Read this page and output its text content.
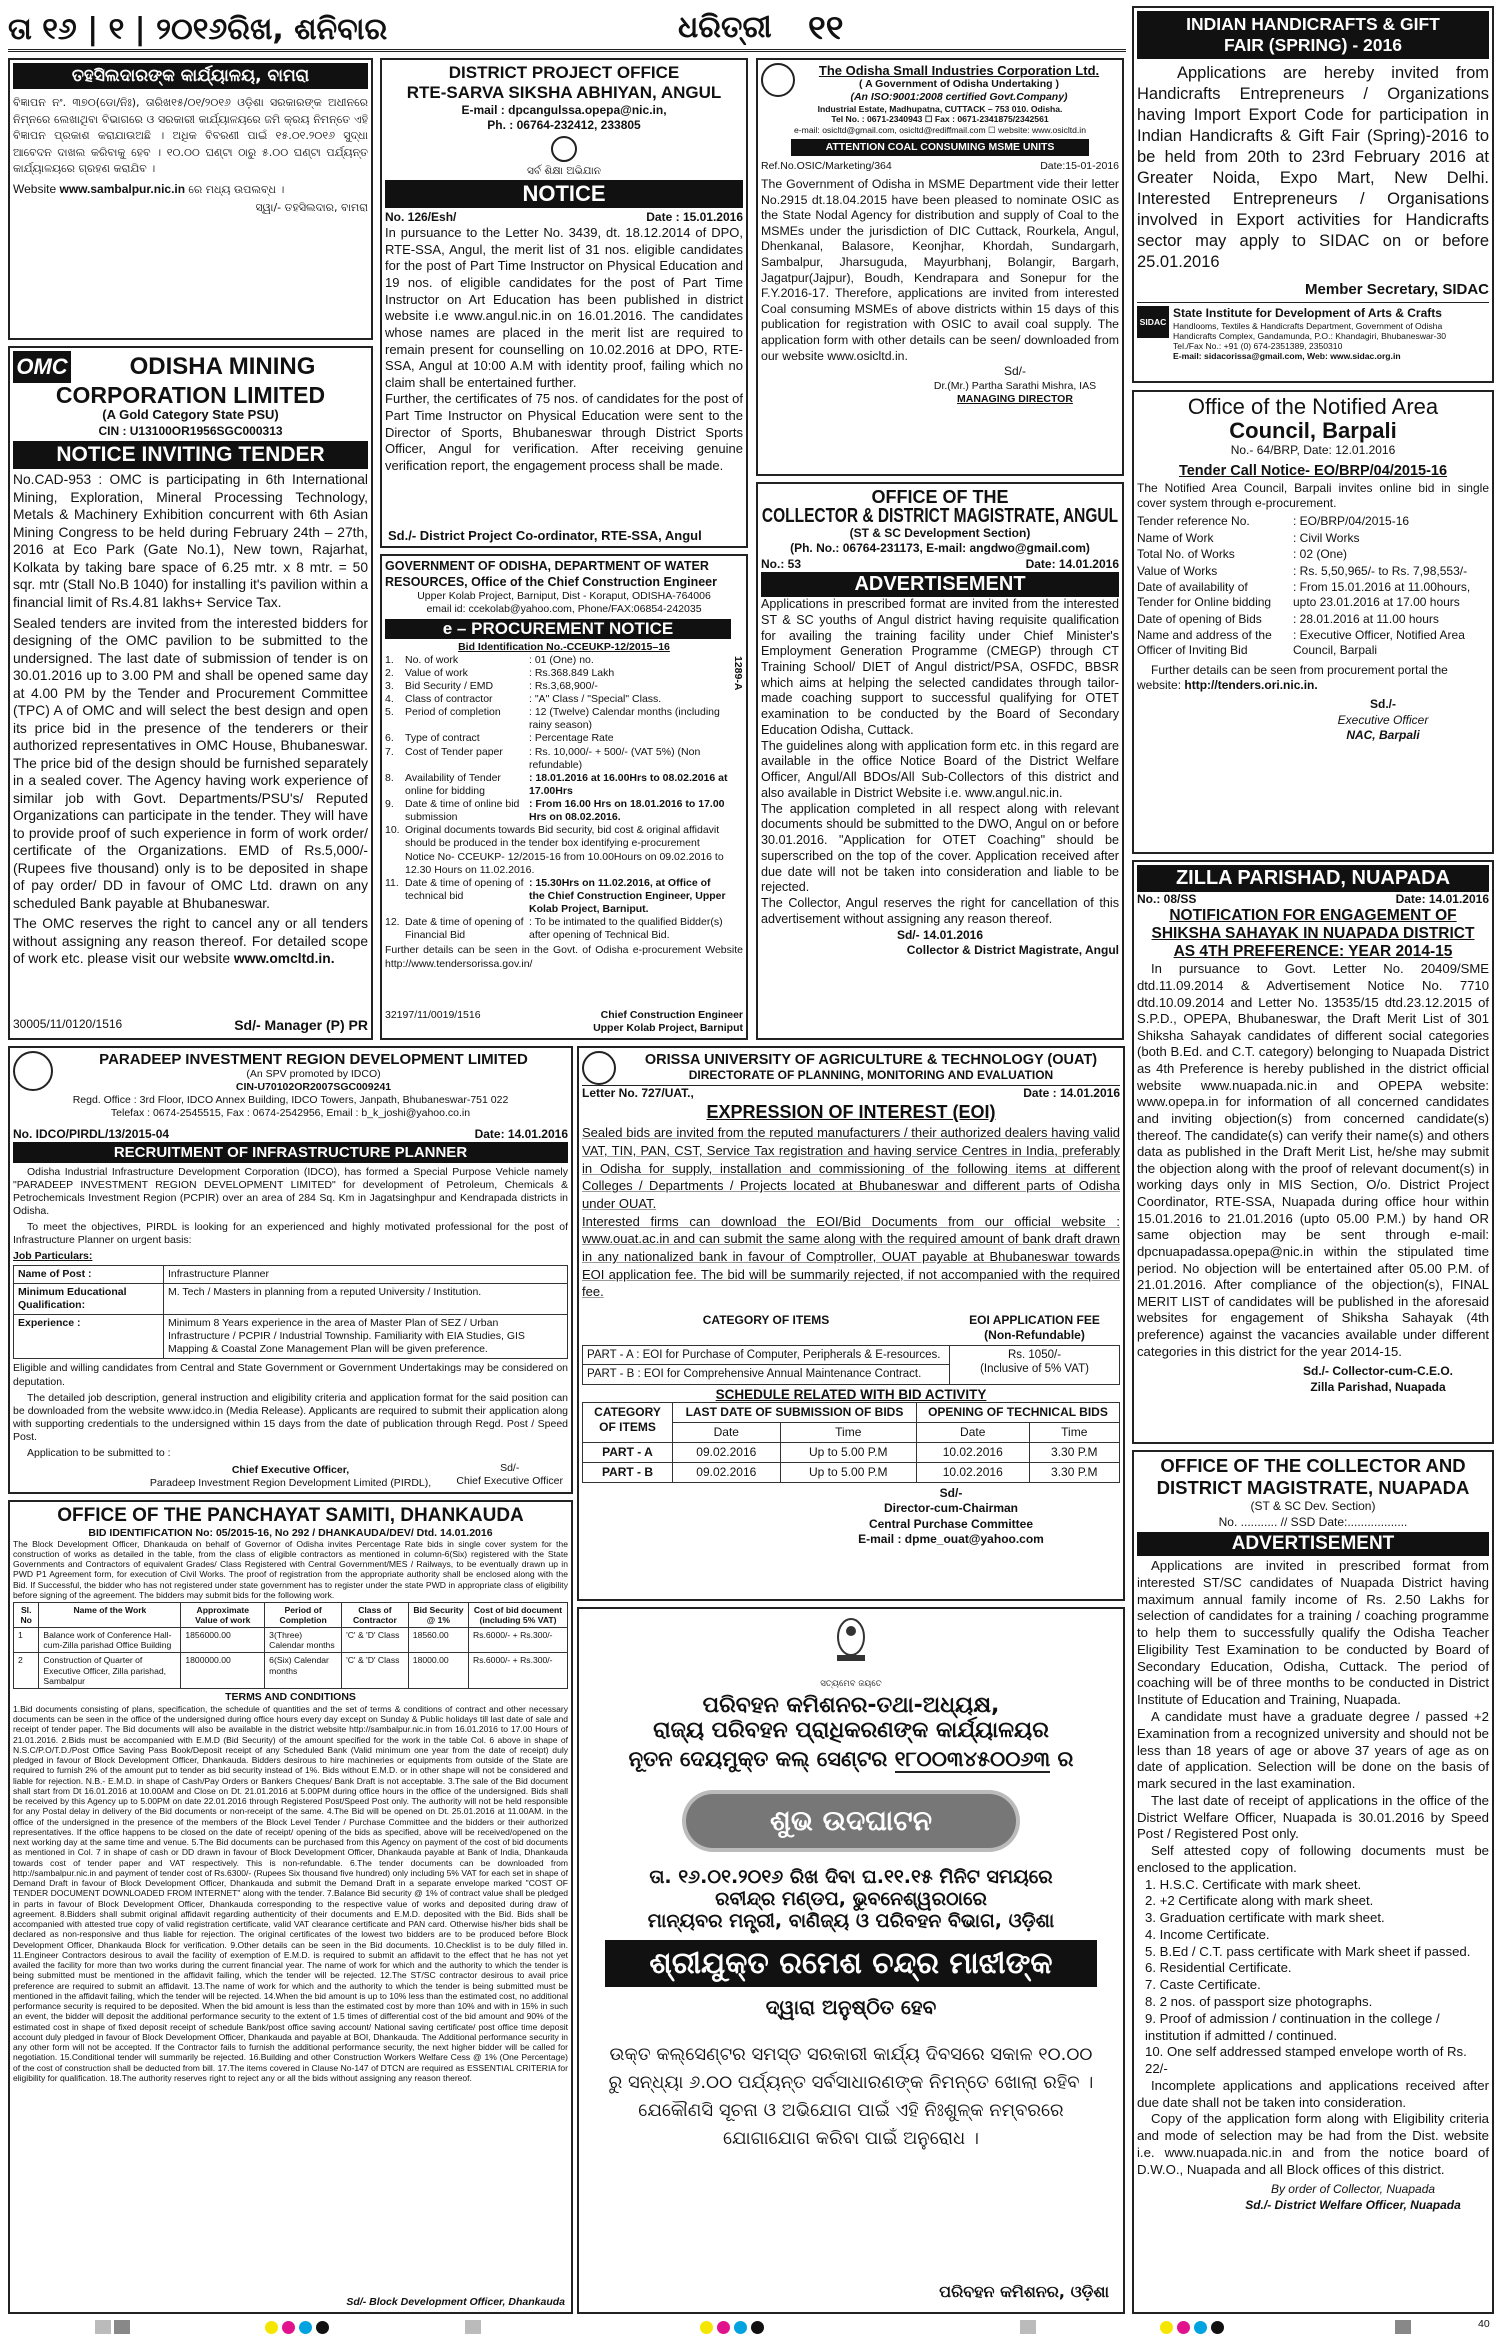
ତା ୧୬ | ୧ | ୨୦୧୬ରିଖ, ଶନିବାର	ଧରିତ୍ରୀ	୧୧
ତହସିଲଦାରଙ୍କ କାର୍ଯ୍ୟାଳୟ, ବାମରା
ବିଜ୍ଞାପନ ନଂ. ୩୭୦(ଡୋ/ନିଃ), ତାରିଖ୧୫/୦୧/୨୦୧୬ ଓଡ଼ିଶା ସରକାରଙ୍କ ଅଧୀନରେ ନିମ୍ନରେ ଲେଖାଥିବା ବିଭାଗରେ ଓ ସରକାରୀ କାର୍ଯ୍ୟାଳୟରେ ଜମି କ୍ରୟ ନିମନ୍ତେ ଏହି ବିଜ୍ଞାପନ ପ୍ରକାଶ କରାଯାଉଅଛି । ଅଧିକ ବିବରଣୀ ପାଇଁ ୧୫.୦୧.୨୦୧୬ ସୁଦ୍ଧା ଆବେଦନ ଦାଖଲ କରିବାକୁ ହେବ । ୧୦.୦୦ ଘଣ୍ଟା ଠାରୁ ୫.୦୦ ଘଣ୍ଟା ପର୍ଯ୍ୟନ୍ତ କାର୍ଯ୍ୟାଳୟରେ ଗ୍ରହଣ କରାଯିବ ।
Website www.sambalpur.nic.in ରେ ମଧ୍ୟ ଉପଲବ୍ଧ ।
ସ୍ୱା/- ତହସିଲଦାର, ବାମରା
OMC	ODISHA MINING
CORPORATION LIMITED
(A Gold Category State PSU)
CIN : U13100OR1956SGC000313
NOTICE INVITING TENDER
No.CAD-953 : OMC is participating in 6th International Mining, Exploration, Mineral Processing Technology, Metals & Machinery Exhibition concurrent with 6th Asian Mining Congress to be held during February 24th – 27th, 2016 at Eco Park (Gate No.1), New town, Rajarhat, Kolkata by taking bare space of 6.25 mtr. x 8 mtr. = 50 sqr. mtr (Stall No.B 1040) for installing it's pavilion within a financial limit of Rs.4.81 lakhs+ Service Tax.
Sealed tenders are invited from the interested bidders for designing of the OMC pavilion to be submitted to the undersigned. The last date of submission of tender is on 30.01.2016 up to 3.00 PM and shall be opened same day at 4.00 PM by the Tender and Procurement Committee (TPC) A of OMC and will select the best design and open its price bid in the presence of the tenderers or their authorized representatives in OMC House, Bhubaneswar. The price bid of the design should be furnished separately in a sealed cover. The Agency having work experience of similar job with Govt. Departments/PSU's/ Reputed Organizations can participate in the tender. They will have to provide proof of such experience in form of work order/ certificate of the Organizations. EMD of Rs.5,000/- (Rupees five thousand) only is to be deposited in shape of pay order/ DD in favour of OMC Ltd. drawn on any scheduled Bank payable at Bhubaneswar.
The OMC reserves the right to cancel any or all tenders without assigning any reason thereof. For detailed scope of work etc. please visit our website www.omcltd.in.
30005/11/0120/1516	Sd/- Manager (P) PR
DISTRICT PROJECT OFFICE
RTE-SARVA SIKSHA ABHIYAN, ANGUL
E-mail : dpcangulssa.opepa@nic.in,
Ph. : 06764-232412, 233805
ସର୍ବ ଶିକ୍ଷା ଅଭିଯାନ
NOTICE
No. 126/Esh/	Date : 15.01.2016
In pursuance to the Letter No. 3439, dt. 18.12.2014 of DPO, RTE-SSA, Angul, the merit list of 31 nos. eligible candidates for the post of Part Time Instructor on Physical Education and 19 nos. of eligible candidates for the post of Part Time Instructor on Art Education has been published in district website i.e www.angul.nic.in on 16.01.2016. The candidates whose names are placed in the merit list are required to remain present for counselling on 10.02.2016 at DPO, RTE-SSA, Angul at 10:00 A.M with identity proof, failing which no claim shall be entertained further.
Further, the certificates of 75 nos. of candidates for the post of Part Time Instructor on Physical Education were sent to the Director of Sports, Bhubaneswar through District Sports Officer, Angul for verification. After receiving genuine verification report, the engagement process shall be made.
Sd./- District Project Co-ordinator, RTE-SSA, Angul
GOVERNMENT OF ODISHA, DEPARTMENT OF WATER RESOURCES, Office of the Chief Construction Engineer
Upper Kolab Project, Barniput, Dist - Koraput, ODISHA-764006
email id: ccekolab@yahoo.com, Phone/FAX:06854-242035
e – PROCUREMENT NOTICE
1289-A
Bid Identification No.-CCEUKP-12/2015–16
1.	No. of work	: 01 (One) no.
2.	Value of work	: Rs.368.849 Lakh
3.	Bid Security / EMD	: Rs.3,68,900/-
4.	Class of contractor	: "A" Class / "Special" Class.
5.	Period of completion	: 12 (Twelve) Calendar months (including rainy season)
6.	Type of contract	: Percentage Rate
7.	Cost of Tender paper	: Rs. 10,000/- + 500/- (VAT 5%) (Non refundable)
8.	Availability of Tender online for bidding
: 18.01.2016 at 16.00Hrs to 08.02.2016 at 17.00Hrs
9.	Date & time of online bid submission
: From 16.00 Hrs on 18.01.2016 to 17.00 Hrs on 08.02.2016.
10. Original documents towards Bid security, bid cost & original affidavit should be produced in the tender box identifying e-procurement Notice No- CCEUKP- 12/2015-16 from 10.00Hours on 09.02.2016 to 12.30 Hours on 11.02.2016.
11. Date & time of opening of technical bid
: 15.30Hrs on 11.02.2016, at Office of the Chief Construction Engineer, Upper Kolab Project, Barniput.
12. Date & time of opening of Financial Bid
: To be intimated to the qualified Bidder(s) after opening of Technical Bid.
Further details can be seen in the Govt. of Odisha e-procurement Website http://www.tendersorissa.gov.in/
32197/11/0019/1516	Chief Construction Engineer
Upper Kolab Project, Barniput
The Odisha Small Industries Corporation Ltd.
( A Government of Odisha Undertaking )
(An ISO:9001:2008 certified Govt.Company)
Industrial Estate, Madhupatna, CUTTACK – 753 010. Odisha.
Tel No. : 0671-2340943 ☐ Fax : 0671-2341875/2342561
e-mail: osicltd@gmail.com, osicltd@rediffmail.com ☐ website: www.osicltd.in
ATTENTION COAL CONSUMING MSME UNITS
Ref.No.OSIC/Marketing/364	Date:15-01-2016
The Government of Odisha in MSME Department vide their letter No.2915 dt.18.04.2015 have been pleased to nominate OSIC as the State Nodal Agency for distribution and supply of Coal to the MSMEs under the jurisdiction of DIC Cuttack, Rourkela, Angul, Dhenkanal, Balasore, Keonjhar, Khordah, Sundargarh, Sambalpur, Jharsuguda, Mayurbhanj, Bolangir, Bargarh, Jagatpur(Jajpur), Boudh, Kendrapara and Sonepur for the F.Y.2016-17. Therefore, applications are invited from interested Coal consuming MSMEs of above districts within 15 days of this publication for registration with OSIC to avail coal supply. The application form with other details can be seen/ downloaded from our website www.osicltd.in.
Sd/-
Dr.(Mr.) Partha Sarathi Mishra, IAS
MANAGING DIRECTOR
INDIAN HANDICRAFTS & GIFT
FAIR (SPRING) - 2016
Applications are hereby invited from Handicrafts Entrepreneurs / Organizations having Import Export Code for participation in Indian Handicrafts & Gift Fair (Spring)-2016 to be held from 20th to 23rd February 2016 at Greater Noida, Expo Mart, New Delhi. Interested Entrepreneurs / Organisations involved in Export activities for Handicrafts sector may apply to SIDAC on or before 25.01.2016
Member Secretary, SIDAC
SIDAC
State Institute for Development of Arts & Crafts
Handlooms, Textiles & Handicrafts Department, Government of Odisha
Handicrafts Complex, Gandamunda, P.O.: Khandagiri, Bhubaneswar-30
Tel./Fax No.: +91 (0) 674-2351389, 2350310
E-mail: sidacorissa@gmail.com, Web: www.sidac.org.in
OFFICE OF THE
COLLECTOR & DISTRICT MAGISTRATE, ANGUL
(ST & SC Development Section)
(Ph. No.: 06764-231173, E-mail: angdwo@gmail.com)
No.: 53	Date: 14.01.2016
ADVERTISEMENT
Applications in prescribed format are invited from the interested ST & SC youths of Angul district having requisite qualification for availing the training facility under Chief Minister's Employment Generation Programme (CMEGP) through CT Training School/ DIET of Angul district/PSA, OSFDC, BBSR which aims at helping the selected candidates through tailor-made coaching support to successful qualifying for OTET examination to be conducted by the Board of Secondary Education Odisha, Cuttack.
The guidelines along with application form etc. in this regard are available in the office Notice Board of the District Welfare Officer, Angul/All BDOs/All Sub-Collectors of this district and also available in District Website i.e. www.angul.nic.in.
The application completed in all respect along with relevant documents should be submitted to the DWO, Angul on or before 30.01.2016. "Application for OTET Coaching" should be superscribed on the top of the cover. Application received after due date will not be taken into consideration and liable to be rejected.
The Collector, Angul reserves the right for cancellation of this advertisement without assigning any reason thereof.
Sd/- 14.01.2016
Collector & District Magistrate, Angul
Office of the Notified Area
Council, Barpali
No.- 64/BRP, Date: 12.01.2016
Tender Call Notice- EO/BRP/04/2015-16
The Notified Area Council, Barpali invites online bid in single cover system through e-procurement.
Tender reference No.	: EO/BRP/04/2015-16
Name of Work	: Civil Works
Total No. of Works	: 02 (One)
Value of Works	: Rs. 5,50,965/- to Rs. 7,98,553/-
Date of availability of Tender for Online bidding
: From 15.01.2016 at 11.00hours, upto 23.01.2016 at 17.00 hours
Date of opening of Bids	: 28.01.2016 at 11.00 hours
Name and address of the Officer of Inviting Bid
: Executive Officer, Notified Area Council, Barpali
Further details can be seen from procurement portal the website: http://tenders.ori.nic.in.
Sd./-
Executive Officer
NAC, Barpali
ZILLA PARISHAD, NUAPADA
No.: 08/SS	Date: 14.01.2016
NOTIFICATION FOR ENGAGEMENT OF
SHIKSHA SAHAYAK IN NUAPADA DISTRICT
AS 4TH PREFERENCE: YEAR 2014-15
In pursuance to Govt. Letter No. 20409/SME dtd.11.09.2014 & Advertisement Notice No. 7710 dtd.10.09.2014 and Letter No. 13535/15 dtd.23.12.2015 of S.P.D., OPEPA, Bhubaneswar, the Draft Merit List of 301 Shiksha Sahayak candidates of different social categories (both B.Ed. and C.T. category) belonging to Nuapada District as 4th Preference is hereby published in the district official website www.nuapada.nic.in and OPEPA website: www.opepa.in for information of all concerned candidates and inviting objection(s) from concerned candidate(s) thereof. The candidate(s) can verify their name(s) and others data as published in the Draft Merit List, he/she may submit the objection along with the proof of relevant document(s) in working days only in MIS Section, O/o. District Project Coordinator, RTE-SSA, Nuapada during office hour within 15.01.2016 to 21.01.2016 (upto 05.00 P.M.) by hand OR same objection may be sent through e-mail: dpcnuapadassa.opepa@nic.in within the stipulated time period. No objection will be entertained after 05.00 P.M. of 21.01.2016. After compliance of the objection(s), FINAL MERIT LIST of candidates will be published in the aforesaid websites for engagement of Shiksha Sahayak (4th preference) against the vacancies available under different categories in this district for the year 2014-15.
Sd./- Collector-cum-C.E.O.
Zilla Parishad, Nuapada
PARADEEP INVESTMENT REGION DEVELOPMENT LIMITED
(An SPV promoted by IDCO)
CIN-U70102OR2007SGC009241
Regd. Office : 3rd Floor, IDCO Annex Building, IDCO Towers, Janpath, Bhubaneswar-751 022
Telefax : 0674-2545515, Fax : 0674-2542956, Email : b_k_joshi@yahoo.co.in
No. IDCO/PIRDL/13/2015-04	Date: 14.01.2016
RECRUITMENT OF INFRASTRUCTURE PLANNER
Odisha Industrial Infrastructure Development Corporation (IDCO), has formed a Special Purpose Vehicle namely "PARADEEP INVESTMENT REGION DEVELOPMENT LIMITED" for development of Petroleum, Chemicals & Petrochemicals Investment Region (PCPIR) over an area of 284 Sq. Km in Jagatsinghpur and Kendrapada districts in Odisha.
To meet the objectives, PIRDL is looking for an experienced and highly motivated professional for the post of Infrastructure Planner on urgent basis:
Job Particulars:
Name of Post :	Infrastructure Planner
Minimum Educational Qualification:	M. Tech / Masters in planning from a reputed University / Institution.
Experience :	Minimum 8 Years experience in the area of Master Plan of SEZ / Urban Infrastructure / PCPIR / Industrial Township. Familiarity with EIA Studies, GIS Mapping & Coastal Zone Management Plan will be given preference.
Eligible and willing candidates from Central and State Government or Government Undertakings may be considered on deputation.
The detailed job description, general instruction and eligibility criteria and application format for the said position can be downloaded from the website www.idco.in (Media Release). Applicants are required to submit their application along with supporting credentials to the undersigned within 15 days from the date of publication through Regd. Post / Speed Post.
Application to be submitted to :
Chief Executive Officer,
Paradeep Investment Region Development Limited (PIRDL),
Sd/-
Chief Executive Officer
ORISSA UNIVERSITY OF AGRICULTURE & TECHNOLOGY (OUAT)
DIRECTORATE OF PLANNING, MONITORING AND EVALUATION
Letter No. 727/UAT.,	Date : 14.01.2016
EXPRESSION OF INTEREST (EOI)
Sealed bids are invited from the reputed manufacturers / their authorized dealers having valid VAT, TIN, PAN, CST, Service Tax registration and having service Centres in India, preferably in Odisha for supply, installation and commissioning of the following items at different Colleges / Departments / Projects located at Bhubaneswar and different parts of Odisha under OUAT.
Interested firms can download the EOI/Bid Documents from our official website : www.ouat.ac.in and can submit the same along with the required amount of bank draft drawn in any nationalized bank in favour of Comptroller, OUAT payable at Bhubaneswar towards EOI application fee. The bid will be summarily rejected, if not accompanied with the required fee.
CATEGORY OF ITEMS	EOI APPLICATION FEE
(Non-Refundable)
PART - A : EOI for Purchase of Computer, Peripherals & E-resources.	Rs. 1050/-
(Inclusive of 5% VAT)
PART - B : EOI for Comprehensive Annual Maintenance Contract.	
SCHEDULE RELATED WITH BID ACTIVITY
CATEGORY OF ITEMS	LAST DATE OF SUBMISSION OF BIDS		OPENING OF TECHNICAL BIDS	
	Date	Time	Date	Time
PART - A	09.02.2016	Up to 5.00 P.M	10.02.2016	3.30 P.M
PART - B	09.02.2016	Up to 5.00 P.M	10.02.2016	3.30 P.M
Sd/-
Director-cum-Chairman
Central Purchase Committee
E-mail : dpme_ouat@yahoo.com
OFFICE OF THE COLLECTOR AND
DISTRICT MAGISTRATE, NUAPADA
(ST & SC Dev. Section)
No. ........... // SSD Date:..................
ADVERTISEMENT
Applications are invited in prescribed format from interested ST/SC candidates of Nuapada District having maximum annual family income of Rs. 2.50 Lakhs for selection of candidates for a training / coaching programme to help them to successfully qualify the Odisha Teacher Eligibility Test Examination to be conducted by Board of Secondary Education, Odisha, Cuttack. The period of coaching will be of three months to be conducted in District Institute of Education and Training, Nuapada.
A candidate must have a graduate degree / passed +2 Examination from a recognized university and should not be less than 18 years of age or above 37 years of age as on date of application. Selection will be done on the basis of mark secured in the last examination.
The last date of receipt of applications in the office of the District Welfare Officer, Nuapada is 30.01.2016 by Speed Post / Registered Post only.
Self attested copy of following documents must be enclosed to the application.
1. H.S.C. Certificate with mark sheet.
2. +2 Certificate along with mark sheet.
3. Graduation certificate with mark sheet.
4. Income Certificate.
5. B.Ed / C.T. pass certificate with Mark sheet if passed.
6. Residential Certificate.
7. Caste Certificate.
8. 2 nos. of passport size photographs.
9. Proof of admission / continuation in the college / institution if admitted / continued.
10. One self addressed stamped envelope worth of Rs. 22/-
Incomplete applications and applications received after due date shall not be taken into consideration.
Copy of the application form along with Eligibility criteria and mode of selection may be had from the Dist. website i.e. www.nuapada.nic.in and from the notice board of D.W.O., Nuapada and all Block offices of this district.
By order of Collector, Nuapada
Sd./- District Welfare Officer, Nuapada
OFFICE OF THE PANCHAYAT SAMITI, DHANKAUDA
BID IDENTIFICATION No: 05/2015-16, No 292 / DHANKAUDA/DEV/ Dtd. 14.01.2016
The Block Development Officer, Dhankauda on behalf of Governor of Odisha invites Percentage Rate bids in single cover system for the construction of works as detailed in the table, from the class of eligible contractors as mentioned in column-6(Six) registered with the State Governments and Contractors of equivalent Grades/ Class Registered with Central Government/MES / Railways, to be eventually drawn up in PWD P1 Agreement form, for execution of Civil Works. The proof of registration from the appropriate authority shall be enclosed along with the Bid. If Successful, the bidder who has not registered under state government has to register under the state PWD in appropriate class of eligibility before signing of the agreement. The bidders may submit bids for the following work.
Sl. No	Name of the Work	Approximate Value of work	Period of Completion	Class of Contractor	Bid Security @ 1%	Cost of bid document (including 5% VAT)
1	Balance work of Conference Hall-cum-Zilla parishad Office Building	1856000.00	3(Three) Calendar months	'C' & 'D' Class	18560.00	Rs.6000/- + Rs.300/-
2	Construction of Quarter of Executive Officer, Zilla parishad, Sambalpur	1800000.00	6(Six) Calendar months	'C' & 'D' Class	18000.00	Rs.6000/- + Rs.300/-
TERMS AND CONDITIONS
1.Bid documents consisting of plans, specification, the schedule of quantities and the set of terms & conditions of contract and other necessary documents can be seen in the office of the undersigned during office hours every day except on Sunday & Public holidays till last date of sale and receipt of tender paper. The Bid documents will also be available in the district website http://sambalpur.nic.in from 16.01.2016 to 17.00 Hours of 21.01.2016. 2.Bids must be accompanied with E.M.D (Bid Security) of the amount specified for the work in the table Col. 6 above in shape of N.S.C/P.O/T.D./Post Office Saving Pass Book/Deposit receipt of any Scheduled Bank (Valid minimum one year from the date of receipt) duly pledged in favour of Block Development Officer, Dhankauda. Bidders desirous to hire machineries or equipments from outside of the State are required to furnish 2% of the amount put to tender as bid security instead of 1%. Bids without E.M.D. or in other shape will not be considered and liable for rejection. N.B.- E.M.D. in shape of Cash/Pay Orders or Bankers Cheques/ Bank Draft is not acceptable. 3.The sale of the Bid document shall start from Dt 16.01.2016 at 10.00AM and Close on Dt. 21.01.2016 at 5.00PM during office hours in the office of the undersigned. Bids shall be received by this Agency up to 5.00PM on date 22.01.2016 through Registered Post/Speed Post only. The authority will not be held responsible for any Postal delay in delivery of the Bid documents or non-receipt of the same. 4.The Bid will be opened on Dt. 25.01.2016 at 11.00AM. in the office of the undersigned in the presence of the members of the Block Level Tender / Purchase Committee and the bidders or their authorized representatives. If the office happens to be closed on the date of receipt/ opening of the bids as specified, above will be received/opened on the next working day at the same time and venue. 5.The Bid documents can be purchased from this Agency on payment of the cost of bid documents as mentioned in Col. 7 in shape of cash or DD drawn in favour of Block Development Officer, Dhankauda payable at Bank of India, Dhankauda towards cost of tender paper and VAT respectively. This is non-refundable. 6.The tender documents can be downloaded from http://sambalpur.nic.in and payment of tender cost of Rs.6300/- (Rupees Six thousand five hundred) only including 5% VAT for each set in shape of Demand Draft in favour of Block Development Officer, Dhankauda and submit the Demand Draft in a separate envelope marked "COST OF TENDER DOCUMENT DOWNLOADED FROM INTERNET" along with the tender. 7.Balance Bid security @ 1% of contract value shall be pledged in parts in favour of Block Development Officer, Dhankauda corresponding to the respective value of works and deposited during draw of agreement. 8.Bidders shall submit original affidavit regarding authenticity of their documents and E.M.D. deposited with the Bid. Bids shall be accompanied with attested true copy of valid registration certificate, valid VAT clearance certificate and PAN card. Otherwise his/her bids shall be declared as non-responsive and thus liable for rejection. The original certificates of the lowest two bidders are to be produced before Block Development Officer, Dhankauda Block for verification. 9.Other details can be seen in the Bid documents. 10.Checklist is to be duly filled in. 11.Engineer Contractors desirous to avail the facility of exemption of E.M.D. is required to submit an affidavit to the effect that he has not yet availed the facility for more than two works during the current financial year. The name of work for which and the authority to which the tender is being submitted must be mentioned in the affidavit failing, which the tender will be rejected. 12.The ST/SC contractor desirous to avail price preference are required to submit an affidavit. 13.The name of work for which and the authority to which the tender is being submitted must be mentioned in the affidavit failing, which the tender will be rejected. 14.When the bid amount is up to 10% less than the estimated cost, no additional performance security is required to be deposited. When the bid amount is less than the estimated cost by more than 10% and with in 15% in such an event, the bidder will deposit the additional performance security to the extent of 1.5 times of differential cost of the bid amount and 90% of the estimated cost in shape of fixed deposit receipt of schedule Bank/post office saving account/ National saving certificate/ post office time deposit account duly pledged in favour of Block Development Officer, Dhankauda and payable at BOI, Dhankauda. The Additional performance security in any other form will not be accepted. If the Contractor fails to furnish the additional performance security, the next higher bidder will be called for negotiation. 15.Conditional tender will summarily be rejected. 16.Building and other Construction Workers Welfare Cess @ 1% (One Percentage) of the cost of construction shall be deducted from bill. 17.The items covered in Clause No-147 of DTCN are required as ESSENTIAL CRITERIA for eligibility for qualification. 18.The authority reserves right to reject any or all the bids without assigning any reason thereof.
Sd/- Block Development Officer, Dhankauda
ସତ୍ୟମେବ ଜୟତେ
ପରିବହନ କମିଶନର-ତଥା-ଅଧ୍ୟକ୍ଷ,
ରାଜ୍ୟ ପରିବହନ ପ୍ରାଧିକରଣଙ୍କ କାର୍ଯ୍ୟାଳୟର
ନୂତନ ଦେୟମୁକ୍ତ କଲ୍ ସେଣ୍ଟର ୧୮୦୦୩୪୫୦୦୬୩ ର
ଶୁଭ ଉଦଘାଟନ
ତା. ୧୬.୦୧.୨୦୧୬ ରିଖ ଦିବା ଘ.୧୧.୧୫ ମିନିଟ ସମୟରେ
ରବୀନ୍ଦ୍ର ମଣ୍ଡପ, ଭୁବନେଶ୍ୱରଠାରେ
ମାନ୍ୟବର ମନ୍ତ୍ରୀ, ବାଣିଜ୍ୟ ଓ ପରିବହନ ବିଭାଗ, ଓଡ଼ିଶା
ଶ୍ରୀଯୁକ୍ତ ରମେଶ ଚନ୍ଦ୍ର ମାଝୀଙ୍କ
ଦ୍ୱାରା ଅନୁଷ୍ଠିତ ହେବ
ଉକ୍ତ କଲ୍‌ସେଣ୍ଟର ସମସ୍ତ ସରକାରୀ କାର୍ଯ୍ୟ ଦିବସରେ ସକାଳ ୧୦.୦୦ ରୁ ସନ୍ଧ୍ୟା ୬.୦୦ ପର୍ଯ୍ୟନ୍ତ ସର୍ବସାଧାରଣଙ୍କ ନିମନ୍ତେ ଖୋଲା ରହିବ । ଯେକୌଣସି ସୂଚନା ଓ ଅଭିଯୋଗ ପାଇଁ ଏହି ନିଃଶୁଳ୍କ ନମ୍ବରରେ ଯୋଗାଯୋଗ କରିବା ପାଇଁ ଅନୁରୋଧ ।
ପରିବହନ କମିଶନର, ଓଡ଼ିଶା
40
